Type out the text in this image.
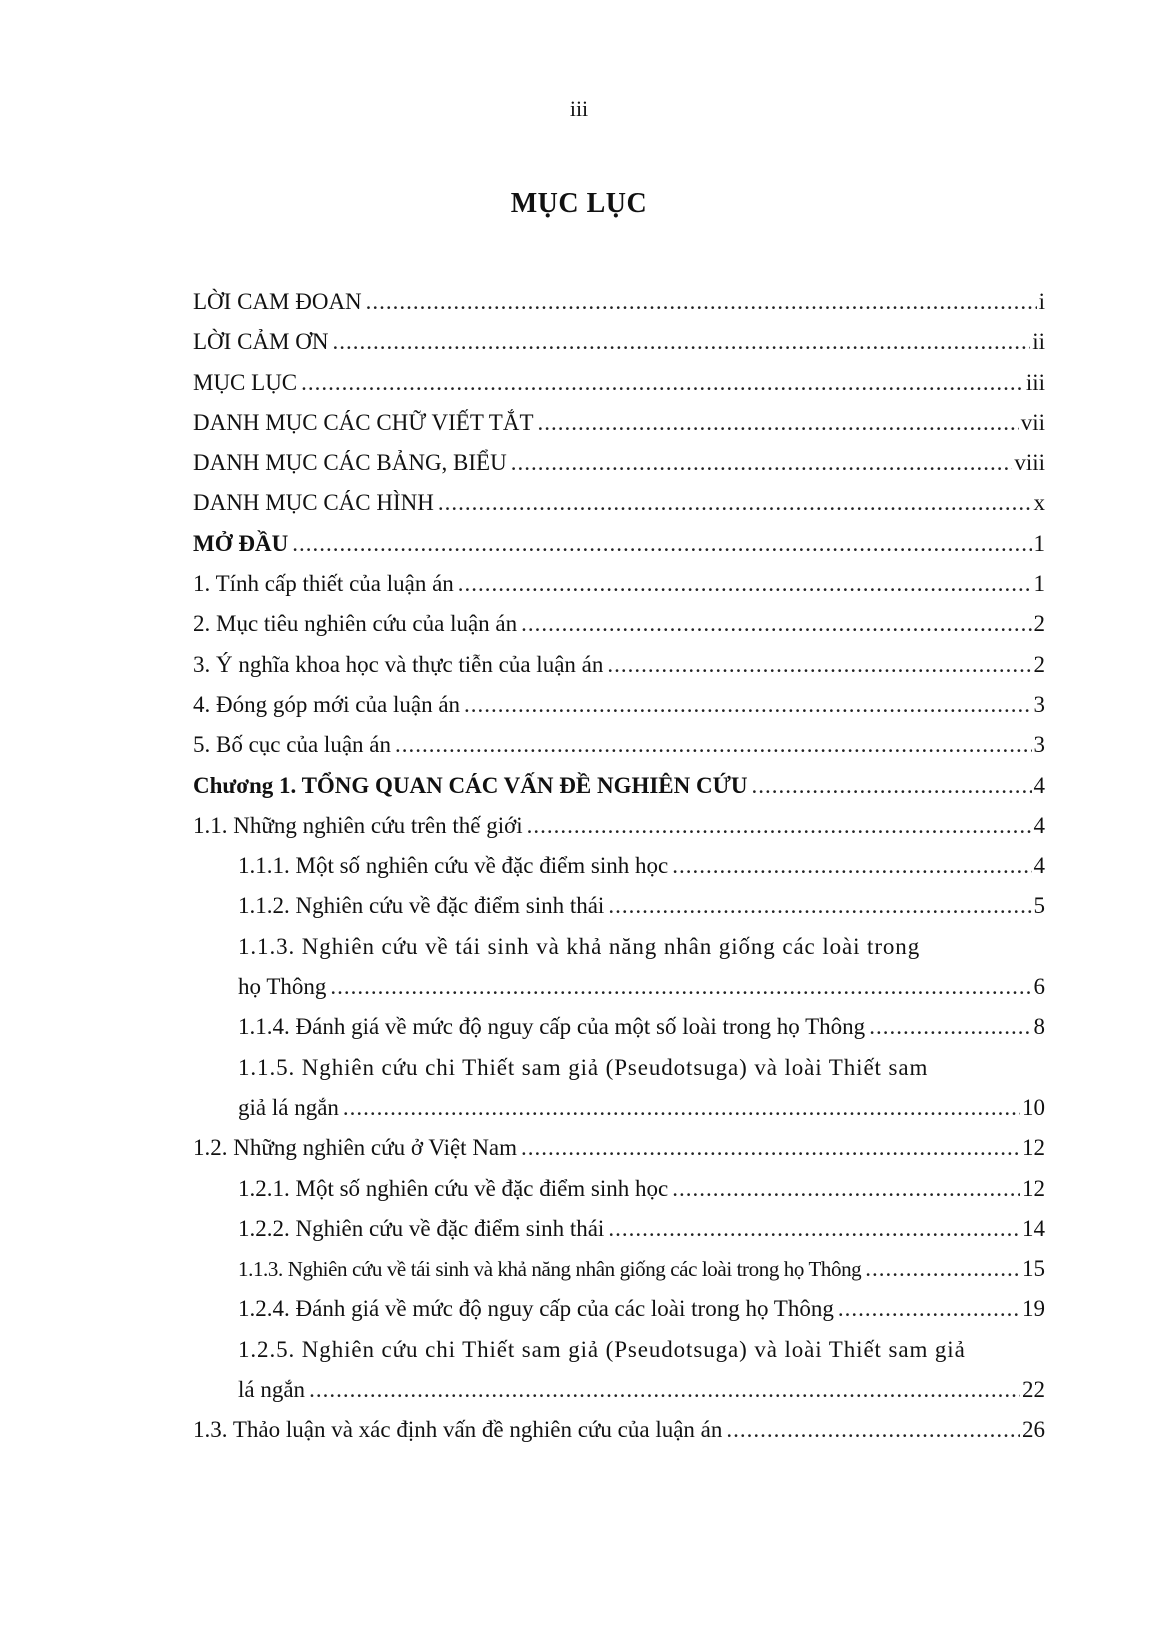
iii
MỤC LỤC
LỜI CAM ĐOAN .....	i
LỜI CẢM ƠN .....	ii
MỤC LỤC .....	iii
DANH MỤC CÁC CHỮ VIẾT TẮT .....	vii
DANH MỤC CÁC BẢNG, BIỂU .....	viii
DANH MỤC CÁC HÌNH .....	x
MỞ ĐẦU .....	1
1. Tính cấp thiết của luận án .....	1
2. Mục tiêu nghiên cứu của luận án .....	2
3. Ý nghĩa khoa học và thực tiễn của luận án .....	2
4. Đóng góp mới của luận án .....	3
5. Bố cục của luận án .....	3
Chương 1. TỔNG QUAN CÁC VẤN ĐỀ NGHIÊN CỨU .....	4
1.1. Những nghiên cứu trên thế giới .....	4
1.1.1. Một số nghiên cứu về đặc điểm sinh học .....	4
1.1.2. Nghiên cứu về đặc điểm sinh thái .....	5
1.1.3. Nghiên cứu về tái sinh và khả năng nhân giống các loài trong
họ Thông .....	6
1.1.4. Đánh giá về mức độ nguy cấp của một số loài trong họ Thông .....	8
1.1.5. Nghiên cứu chi Thiết sam giả (Pseudotsuga) và loài Thiết sam
giả lá ngắn .....	10
1.2. Những nghiên cứu ở Việt Nam .....	12
1.2.1. Một số nghiên cứu về đặc điểm sinh học .....	12
1.2.2. Nghiên cứu về đặc điểm sinh thái .....	14
1.1.3. Nghiên cứu về tái sinh và khả năng nhân giống các loài trong họ Thông .....	15
1.2.4. Đánh giá về mức độ nguy cấp của các loài trong họ Thông .....	19
1.2.5. Nghiên cứu chi Thiết sam giả (Pseudotsuga) và loài Thiết sam giả
lá ngắn .....	22
1.3. Thảo luận và xác định vấn đề nghiên cứu của luận án .....	26
